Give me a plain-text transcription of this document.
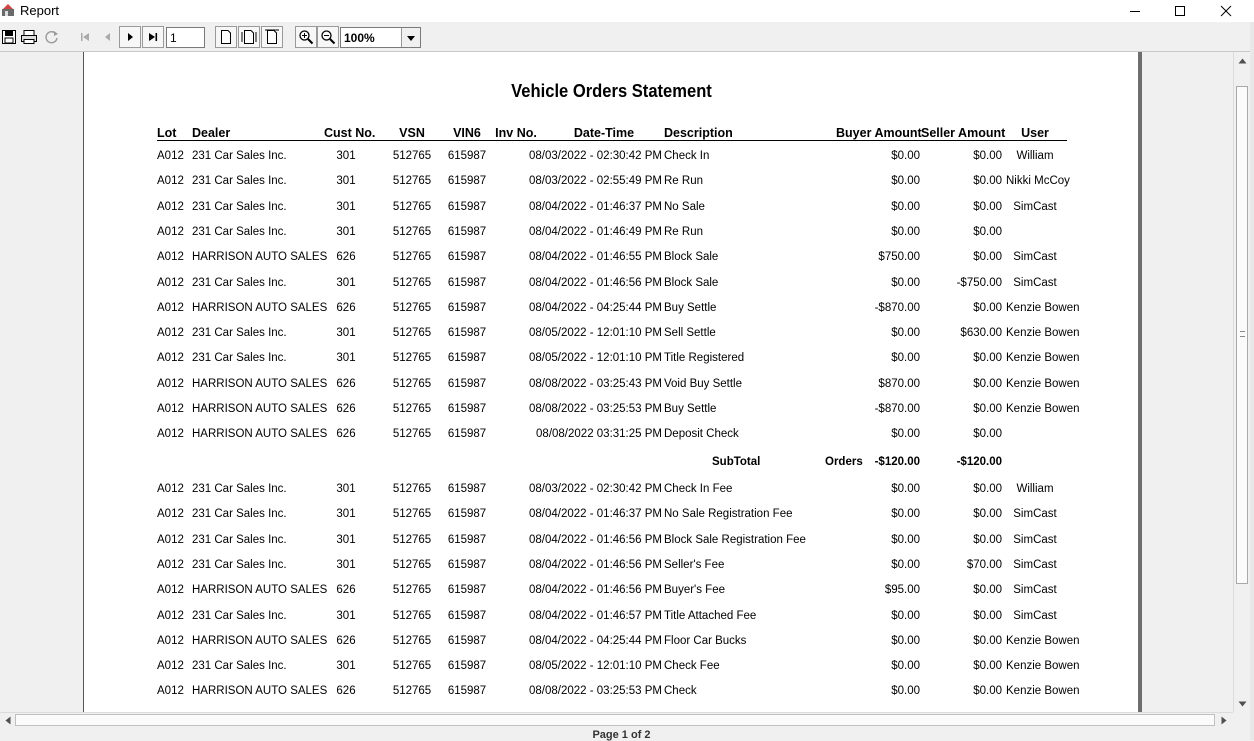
Report
1
100%
Vehicle Orders Statement
Lot Dealer	Cust No.	VSN	VIN6	Inv No.	Date-Time	Description	Buyer Amount Seller Amount	User
A012 231 Car Sales Inc.	301	512765 615987	08/03/2022 - 02:30:42 PM Check In	$0.00	$0.00	William
A012 231 Car Sales Inc.	301	512765 615987	08/03/2022 - 02:55:49 PM Re Run	$0.00	$0.00 Nikki McCoy
A012 231 Car Sales Inc.	301	512765 615987	08/04/2022 - 01:46:37 PM No Sale	$0.00	$0.00 SimCast
A012 231 Car Sales Inc.	301	512765 615987	08/04/2022 - 01:46:49 PM Re Run	$0.00	$0.00
A012 HARRISON AUTO SALES 626	512765 615987	08/04/2022 - 01:46:55 PM Block Sale	$750.00	$0.00 SimCast
A012 231 Car Sales Inc.	301	512765 615987	08/04/2022 - 01:46:56 PM Block Sale	$0.00	-$750.00 SimCast
A012 HARRISON AUTO SALES 626	512765 615987	08/04/2022 - 04:25:44 PM Buy Settle	-$870.00	$0.00 Kenzie Bowen
A012 231 Car Sales Inc.	301	512765 615987	08/05/2022 - 12:01:10 PM Sell Settle	$0.00	$630.00 Kenzie Bowen
A012 231 Car Sales Inc.	301	512765 615987	08/05/2022 - 12:01:10 PM Title Registered	$0.00	$0.00 Kenzie Bowen
A012 HARRISON AUTO SALES 626	512765 615987	08/08/2022 - 03:25:43 PM Void Buy Settle	$870.00	$0.00 Kenzie Bowen
A012 HARRISON AUTO SALES 626	512765 615987	08/08/2022 - 03:25:53 PM Buy Settle	-$870.00	$0.00 Kenzie Bowen
A012 HARRISON AUTO SALES 626	512765 615987	08/08/2022 03:31:25 PM Deposit Check	$0.00	$0.00
SubTotal	Orders	-$120.00	-$120.00
A012 231 Car Sales Inc.	301	512765 615987	08/03/2022 - 02:30:42 PM Check In Fee	$0.00	$0.00	William
A012 231 Car Sales Inc.	301	512765 615987	08/04/2022 - 01:46:37 PM No Sale Registration Fee	$0.00	$0.00 SimCast
A012 231 Car Sales Inc.	301	512765 615987	08/04/2022 - 01:46:56 PM Block Sale Registration Fee	$0.00	$0.00 SimCast
A012 231 Car Sales Inc.	301	512765 615987	08/04/2022 - 01:46:56 PM Seller's Fee	$0.00	$70.00 SimCast
A012 HARRISON AUTO SALES 626	512765 615987	08/04/2022 - 01:46:56 PM Buyer's Fee	$95.00	$0.00 SimCast
A012 231 Car Sales Inc.	301	512765 615987	08/04/2022 - 01:46:57 PM Title Attached Fee	$0.00	$0.00 SimCast
A012 HARRISON AUTO SALES 626	512765 615987	08/04/2022 - 04:25:44 PM Floor Car Bucks	$0.00	$0.00 Kenzie Bowen
A012 231 Car Sales Inc.	301	512765 615987	08/05/2022 - 12:01:10 PM Check Fee	$0.00	$0.00 Kenzie Bowen
A012 HARRISON AUTO SALES 626	512765 615987	08/08/2022 - 03:25:53 PM Check	$0.00	$0.00 Kenzie Bowen
Page 1 of 2
